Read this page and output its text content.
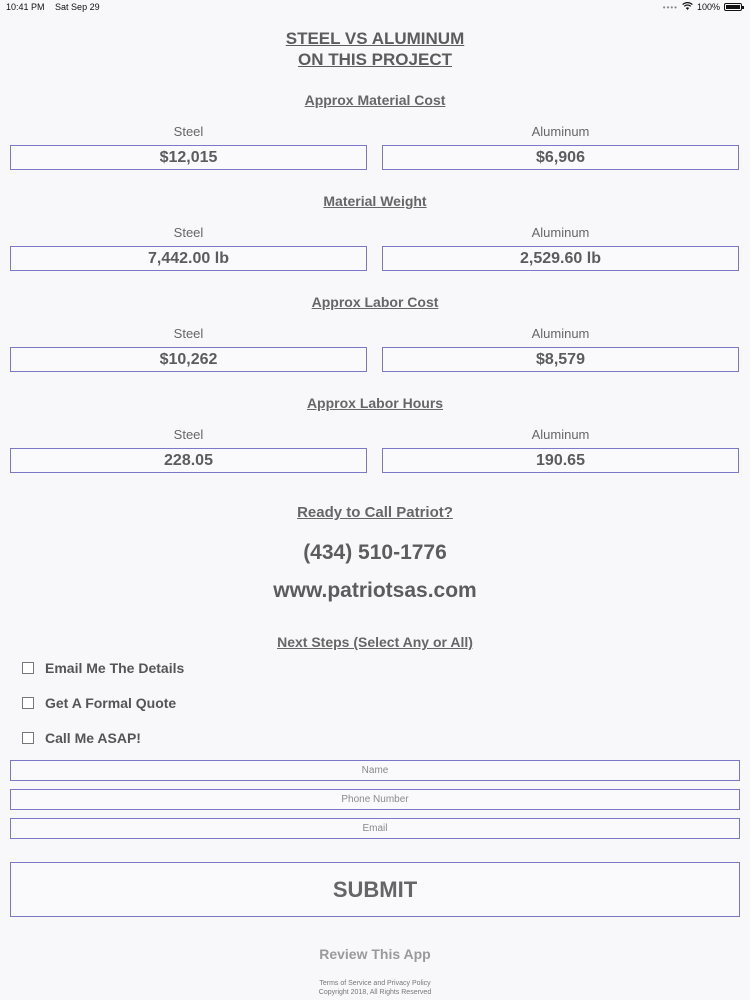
10:41 PM Sat Sep 29	•••• 100%
STEEL VS ALUMINUM
ON THIS PROJECT
Approx Material Cost
Steel	Aluminum
$12,015	$6,906
Material Weight
Steel	Aluminum
7,442.00 lb	2,529.60 lb
Approx Labor Cost
Steel	Aluminum
$10,262	$8,579
Approx Labor Hours
Steel	Aluminum
228.05	190.65
Ready to Call Patriot?
(434) 510-1776
www.patriotsas.com
Next Steps (Select Any or All)
Email Me The Details
Get A Formal Quote
Call Me ASAP!
Name
Phone Number
Email
SUBMIT
Review This App
Terms of Service and Privacy Policy
Copyright 2018, All Rights Reserved
